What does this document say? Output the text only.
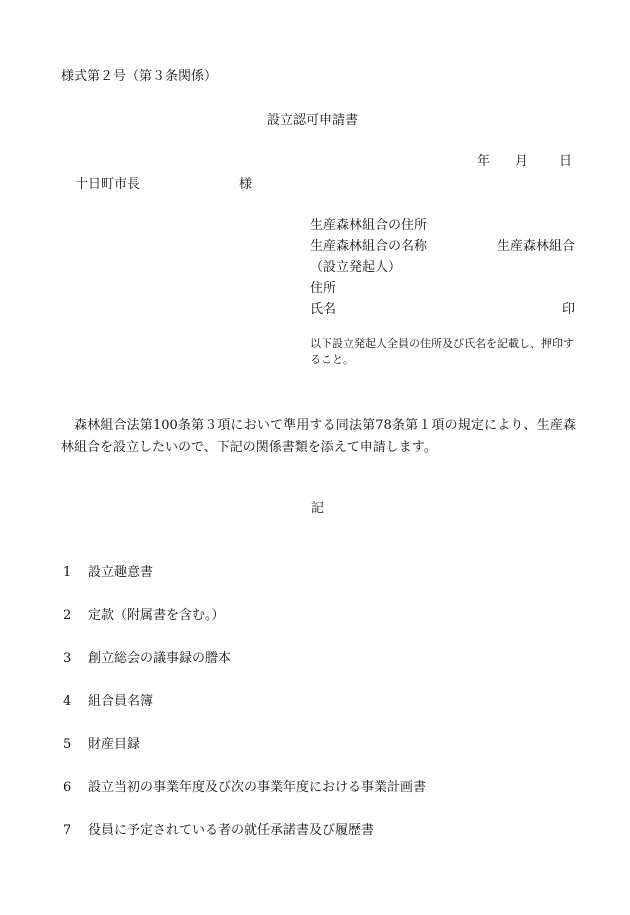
様式第２号（第３条関係）
設立認可申請書
年 月 日
十日町市長	様
生産森林組合の住所
生産森林組合の名称	生産森林組合
（設立発起人）
住所
氏名	印
以下設立発起人全員の住所及び氏名を記載し、押印すること。
森林組合法第100条第３項において準用する同法第78条第１項の規定により、生産森林組合を設立したいので、下記の関係書類を添えて申請します。
記
1 設立趣意書
2 定款（附属書を含む。）
3 創立総会の議事録の謄本
4 組合員名簿
5 財産目録
6 設立当初の事業年度及び次の事業年度における事業計画書
7 役員に予定されている者の就任承諾書及び履歴書
